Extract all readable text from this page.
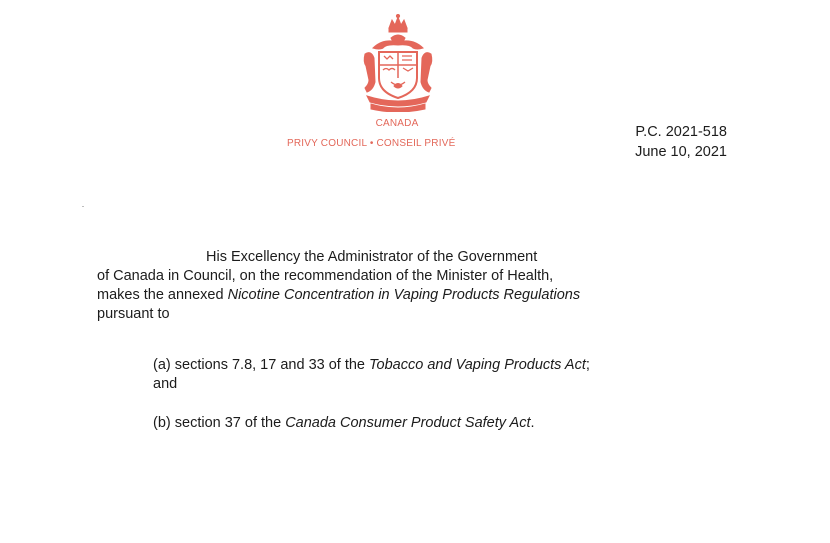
CANADA
PRIVY COUNCIL • CONSEIL PRIVÉ
P.C. 2021-518
June 10, 2021

His Excellency the Administrator of the Government
of Canada in Council, on the recommendation of the Minister of Health,
makes the annexed Nicotine Concentration in Vaping Products Regulations
pursuant to

(a) sections 7.8, 17 and 33 of the Tobacco and Vaping Products Act;
and

(b) section 37 of the Canada Consumer Product Safety Act.
